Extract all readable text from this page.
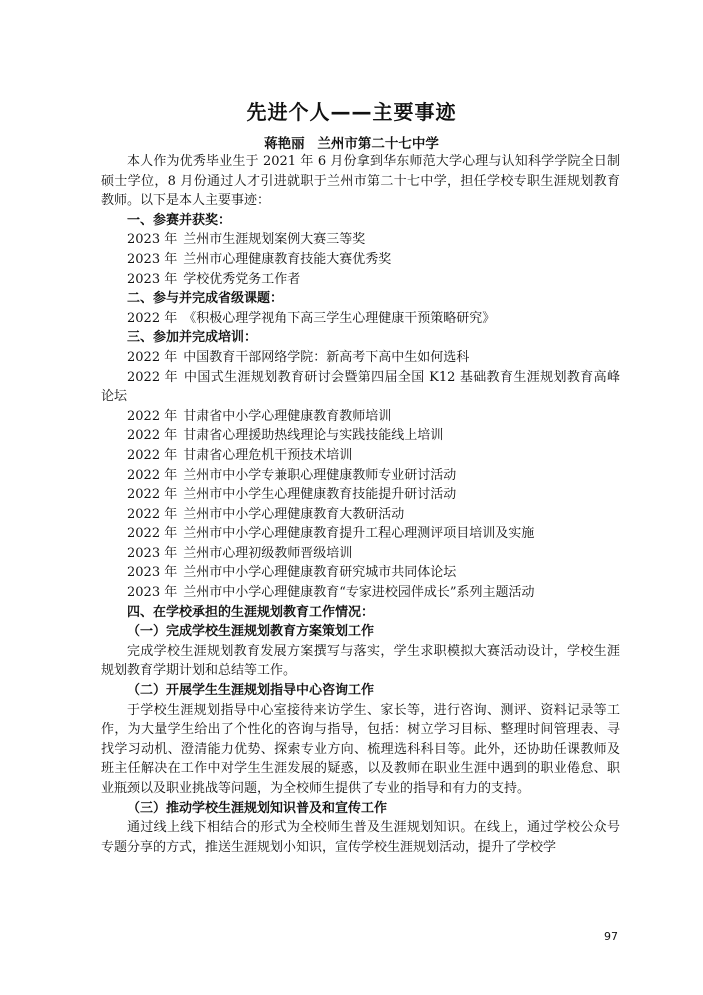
先进个人——主要事迹
蒋艳丽 兰州市第二十七中学

本人作为优秀毕业生于 2021 年 6 月份拿到华东师范大学心理与认知科学学院全日制硕士学位，8 月份通过人才引进就职于兰州市第二十七中学，担任学校专职生涯规划教育教师。以下是本人主要事迹：

一、参赛并获奖：

2023 年 兰州市生涯规划案例大赛三等奖

2023 年 兰州市心理健康教育技能大赛优秀奖

2023 年 学校优秀党务工作者

二、参与并完成省级课题：

2022 年 《积极心理学视角下高三学生心理健康干预策略研究》

三、参加并完成培训：

2022 年 中国教育干部网络学院：新高考下高中生如何选科

2022 年 中国式生涯规划教育研讨会暨第四届全国 K12 基础教育生涯规划教育高峰论坛

2022 年 甘肃省中小学心理健康教育教师培训

2022 年 甘肃省心理援助热线理论与实践技能线上培训

2022 年 甘肃省心理危机干预技术培训

2022 年 兰州市中小学专兼职心理健康教师专业研讨活动

2022 年 兰州市中小学生心理健康教育技能提升研讨活动

2022 年 兰州市中小学心理健康教育大教研活动

2022 年 兰州市中小学心理健康教育提升工程心理测评项目培训及实施

2023 年 兰州市心理初级教师晋级培训

2023 年 兰州市中小学心理健康教育研究城市共同体论坛

2023 年 兰州市中小学心理健康教育“专家进校园伴成长”系列主题活动

四、在学校承担的生涯规划教育工作情况：

（一）完成学校生涯规划教育方案策划工作

完成学校生涯规划教育发展方案撰写与落实，学生求职模拟大赛活动设计，学校生涯规划教育学期计划和总结等工作。

（二）开展学生生涯规划指导中心咨询工作

于学校生涯规划指导中心室接待来访学生、家长等，进行咨询、测评、资料记录等工作，为大量学生给出了个性化的咨询与指导，包括：树立学习目标、整理时间管理表、寻找学习动机、澄清能力优势、探索专业方向、梳理选科科目等。此外，还协助任课教师及班主任解决在工作中对学生生涯发展的疑惑，以及教师在职业生涯中遇到的职业倦怠、职业瓶颈以及职业挑战等问题，为全校师生提供了专业的指导和有力的支持。

（三）推动学校生涯规划知识普及和宣传工作

通过线上线下相结合的形式为全校师生普及生涯规划知识。在线上，通过学校公众号专题分享的方式，推送生涯规划小知识，宣传学校生涯规划活动，提升了学校学

97
